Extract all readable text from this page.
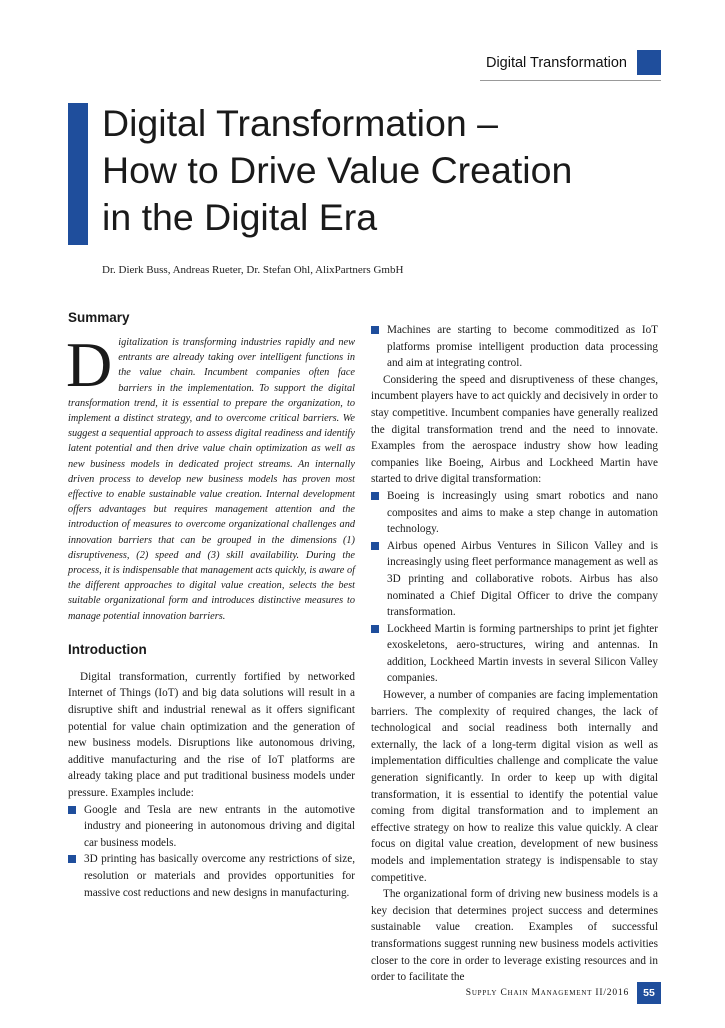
Digital Transformation
Digital Transformation –
How to Drive Value Creation
in the Digital Era
Dr. Dierk Buss, Andreas Rueter, Dr. Stefan Ohl, AlixPartners GmbH
Summary

Digitalization is transforming industries rapidly and new entrants are already taking over intelligent functions in the value chain. Incumbent companies often face barriers in the implementation. To support the digital transformation trend, it is essential to prepare the organization, to implement a distinct strategy, and to overcome critical barriers. We suggest a sequential approach to assess digital readiness and identify latent potential and then drive value chain optimization as well as new business models in dedicated project streams. An internally driven process to develop new business models has proven most effective to enable sustainable value creation. Internal development offers advantages but requires management attention and the introduction of measures to overcome organizational challenges and innovation barriers that can be grouped in the dimensions (1) disruptiveness, (2) speed and (3) skill availability. During the process, it is indispensable that management acts quickly, is aware of the different approaches to digital value creation, selects the best suitable organizational form and introduces distinctive measures to manage potential innovation barriers.

Introduction

Digital transformation, currently fortified by networked Internet of Things (IoT) and big data solutions will result in a disruptive shift and industrial renewal as it offers significant potential for value chain optimization and the generation of new business models. Disruptions like autonomous driving, additive manufacturing and the rise of IoT platforms are already taking place and put traditional business models under pressure. Examples include:

Google and Tesla are new entrants in the automotive industry and pioneering in autonomous driving and digital car business models.
3D printing has basically overcome any restrictions of size, resolution or materials and provides opportunities for massive cost reductions and new designs in manufacturing.
Machines are starting to become commoditized as IoT platforms promise intelligent production data processing and aim at integrating control.

Considering the speed and disruptiveness of these changes, incumbent players have to act quickly and decisively in order to stay competitive. Incumbent companies have generally realized the digital transformation trend and the need to innovate. Examples from the aerospace industry show how leading companies like Boeing, Airbus and Lockheed Martin have started to drive digital transformation:

Boeing is increasingly using smart robotics and nano composites and aims to make a step change in automation technology.
Airbus opened Airbus Ventures in Silicon Valley and is increasingly using fleet performance management as well as 3D printing and collaborative robots. Airbus has also nominated a Chief Digital Officer to drive the company transformation.
Lockheed Martin is forming partnerships to print jet fighter exoskeletons, aero-structures, wiring and antennas. In addition, Lockheed Martin invests in several Silicon Valley companies.

However, a number of companies are facing implementation barriers. The complexity of required changes, the lack of technological and social readiness both internally and externally, the lack of a long-term digital vision as well as implementation difficulties challenge and complicate the value generation significantly. In order to keep up with digital transformation, it is essential to identify the potential value coming from digital transformation and to implement an effective strategy on how to realize this value quickly. A clear focus on digital value creation, development of new business models and implementation strategy is indispensable to stay competitive.

The organizational form of driving new business models is a key decision that determines project success and determines sustainable value creation. Examples of successful transformations suggest running new business models activities closer to the core in order to leverage existing resources and in order to facilitate the

Supply Chain Management II/2016	55
